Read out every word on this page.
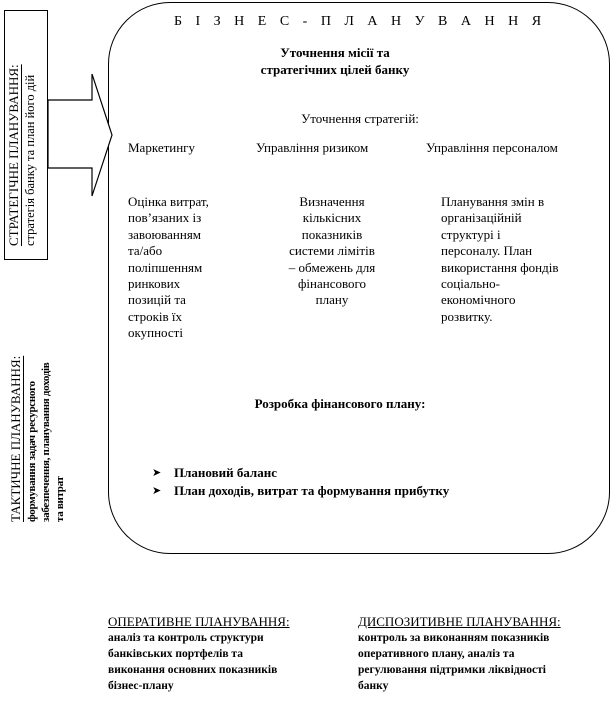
Б І З Н Е С - П Л А Н У В А Н Н Я
Уточнення місії та
стратегічних цілей банку
Уточнення стратегій:
Маркетингу	Управління ризиком	Управління персоналом
Оцінка витрат,
пов’язаних із
завоюванням
та/або
поліпшенням
ринкових
позицій та
строків їх
окупності
Визначення
кількісних
показників
системи лімітів
– обмежень для
фінансового
плану
Планування змін в
організаційній
структурі і
персоналу. План
використання фондів
соціально-
економічного
розвитку.
Розробка фінансового плану:
➤ Плановий баланс
➤ План доходів, витрат та формування прибутку
СТРАТЕГІЧНЕ ПЛАНУВАННЯ: стратегія банку та план його дій
ТАКТИЧНЕ ПЛАНУВАННЯ: формування задач ресурсного забезпечення, планування доходів та витрат
ОПЕРАТИВНЕ ПЛАНУВАННЯ:
аналіз та контроль структури
банківських портфелів та
виконання основних показників
бізнес-плану
ДИСПОЗИТИВНЕ ПЛАНУВАННЯ:
контроль за виконанням показників
оперативного плану, аналіз та
регулювання підтримки ліквідності
банку
